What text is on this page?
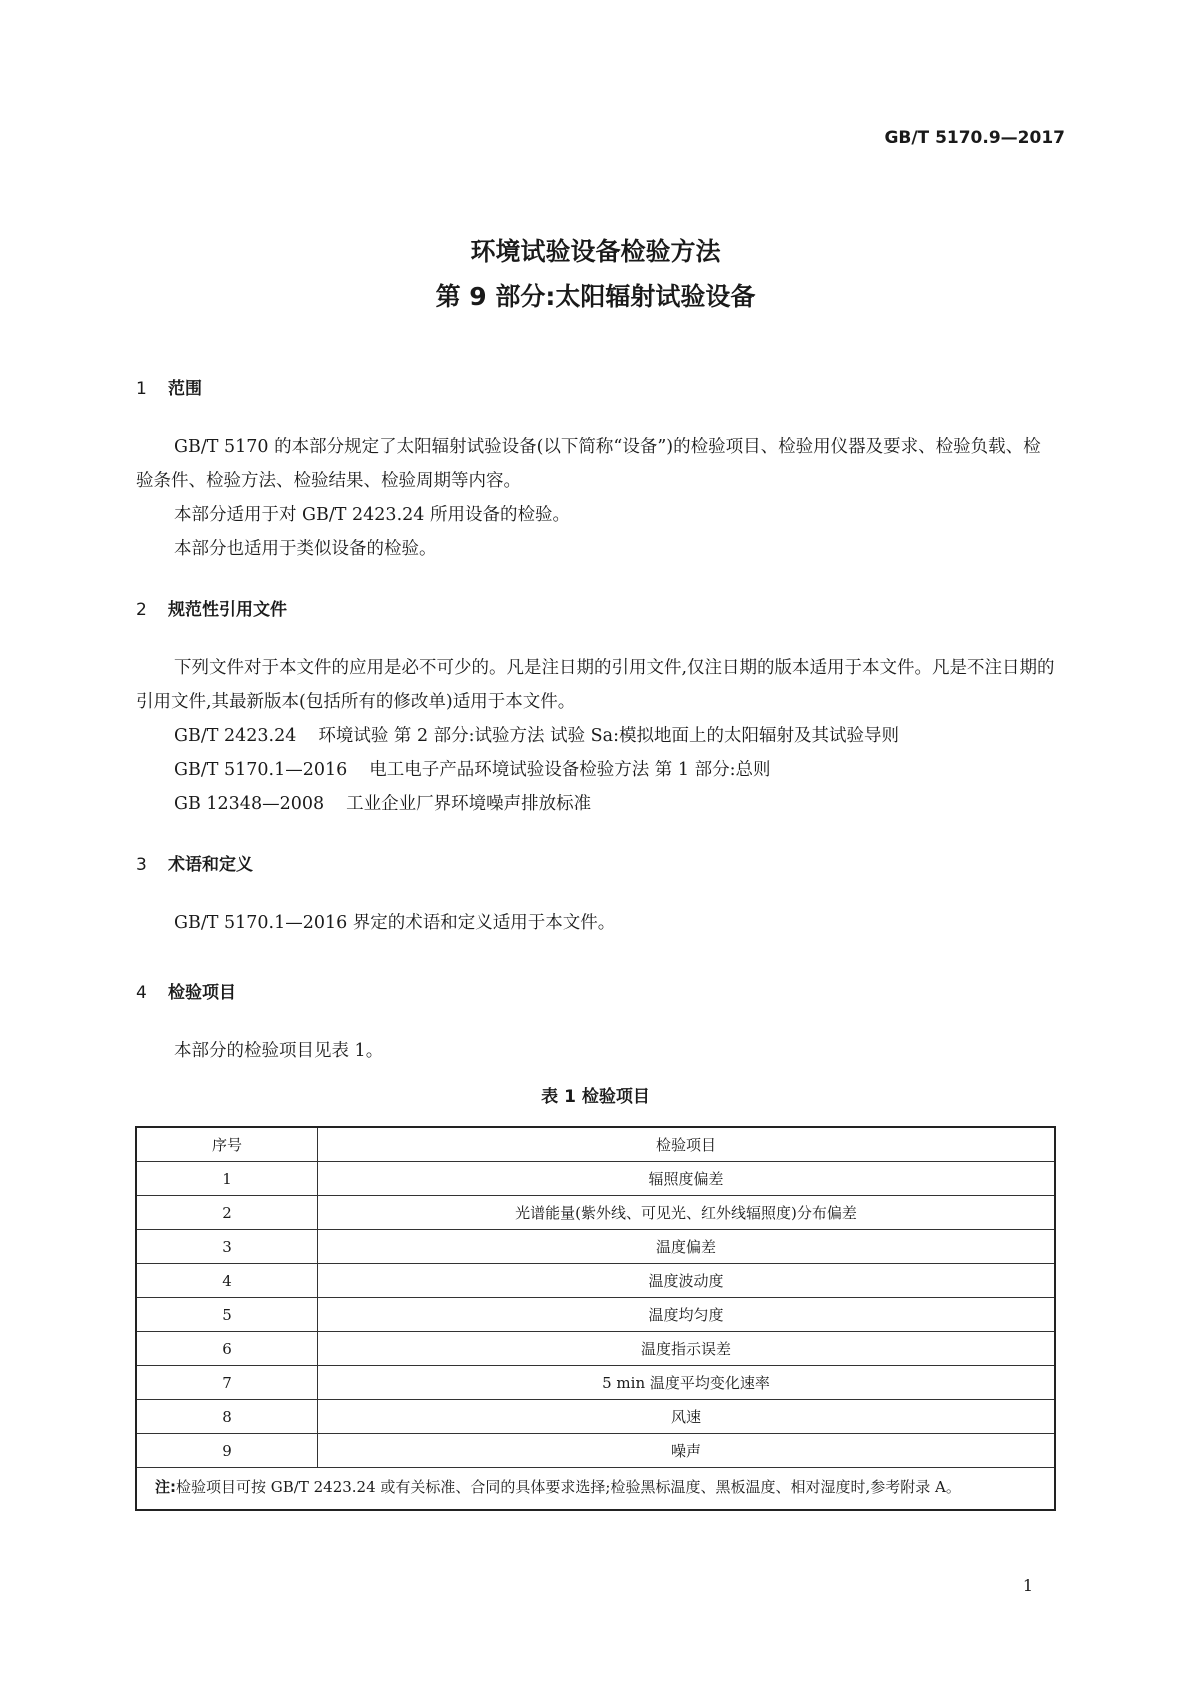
GB/T 5170.9—2017
环境试验设备检验方法
第 9 部分:太阳辐射试验设备
1 范围

GB/T 5170 的本部分规定了太阳辐射试验设备(以下简称“设备”)的检验项目、检验用仪器及要求、检验负载、检验条件、检验方法、检验结果、检验周期等内容。

本部分适用于对 GB/T 2423.24 所用设备的检验。

本部分也适用于类似设备的检验。

2 规范性引用文件

下列文件对于本文件的应用是必不可少的。凡是注日期的引用文件,仅注日期的版本适用于本文件。凡是不注日期的引用文件,其最新版本(包括所有的修改单)适用于本文件。

GB/T 2423.24 环境试验 第 2 部分:试验方法 试验 Sa:模拟地面上的太阳辐射及其试验导则
GB/T 5170.1—2016 电工电子产品环境试验设备检验方法 第 1 部分:总则
GB 12348—2008 工业企业厂界环境噪声排放标准
3 术语和定义

GB/T 5170.1—2016 界定的术语和定义适用于本文件。

4 检验项目

本部分的检验项目见表 1。

表 1 检验项目
序号	检验项目
1	辐照度偏差
2	光谱能量(紫外线、可见光、红外线辐照度)分布偏差
3	温度偏差
4	温度波动度
5	温度均匀度
6	温度指示误差
7	5 min 温度平均变化速率
8	风速
9	噪声
注:检验项目可按 GB/T 2423.24 或有关标准、合同的具体要求选择;检验黑标温度、黑板温度、相对湿度时,参考附录 A。	
1
